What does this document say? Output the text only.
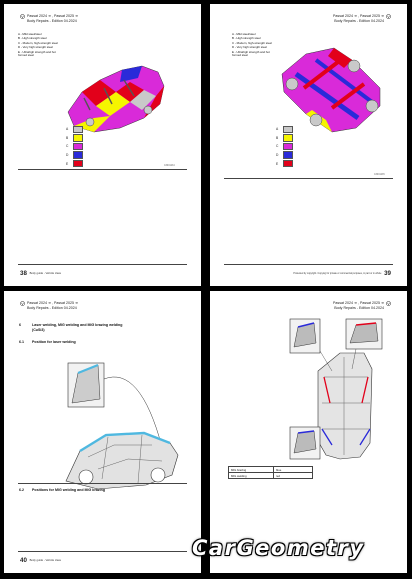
Passat 2024 ➔ , Passat 2025 ➔
Body Repairs - Edition 04.2024
A - Mild steel/steel
B - High strength steel
C - Modern, high-strength steel
D - Very high strength steel
E - Ultrahigh strength and hot formed steel
A
B
C
D
E
C3001234
38 Body guide - Vehicle class
Passat 2024 ➔ , Passat 2025 ➔
Body Repairs - Edition 04.2024
A - Mild steel/steel
B - High strength steel
C - Modern, high-strength steel
D - Very high strength steel
E - Ultrahigh strength and hot formed steel
A
B
C
D
E
C3001235
Protected by copyright. Copying for private or commercial purposes, in part or in whole 39
Passat 2024 ➔ , Passat 2025 ➔
Body Repairs - Edition 04.2024
6	Laser welding, MIG welding and MIG brazing welding (CuSi3)
6.1 Position for laser welding
6.2 Positions for MIG welding and MIG brazing
40 Body guide - Vehicle class
Passat 2024 ➔ , Passat 2025 ➔
Body Repairs - Edition 04.2024
MIG brazing	blue
MIG welding	red
CarGeometry
